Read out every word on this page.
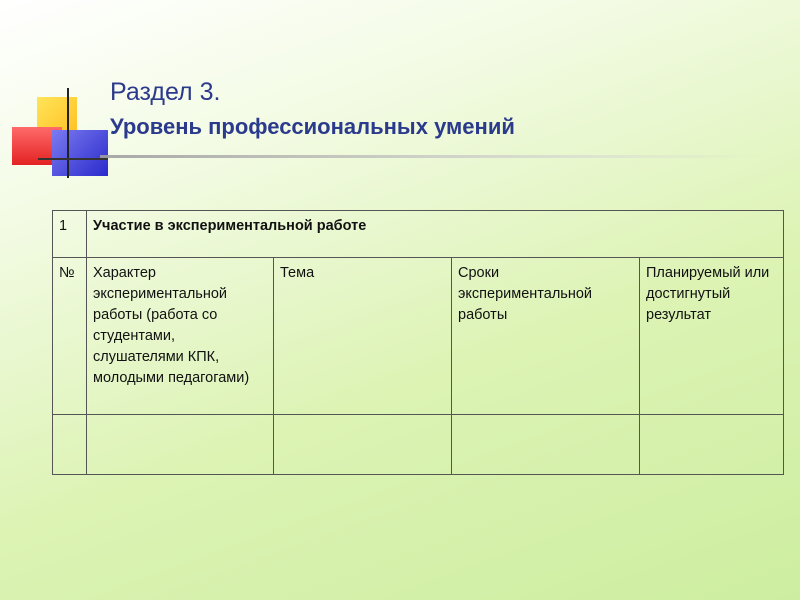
Раздел 3.
Уровень профессиональных умений
1	Участие в экспериментальной работе			
№	Характер экспериментальной работы (работа со студентами, слушателями КПК, молодыми педагогами)	Тема	Сроки экспериментальной работы	Планируемый или достигнутый результат
